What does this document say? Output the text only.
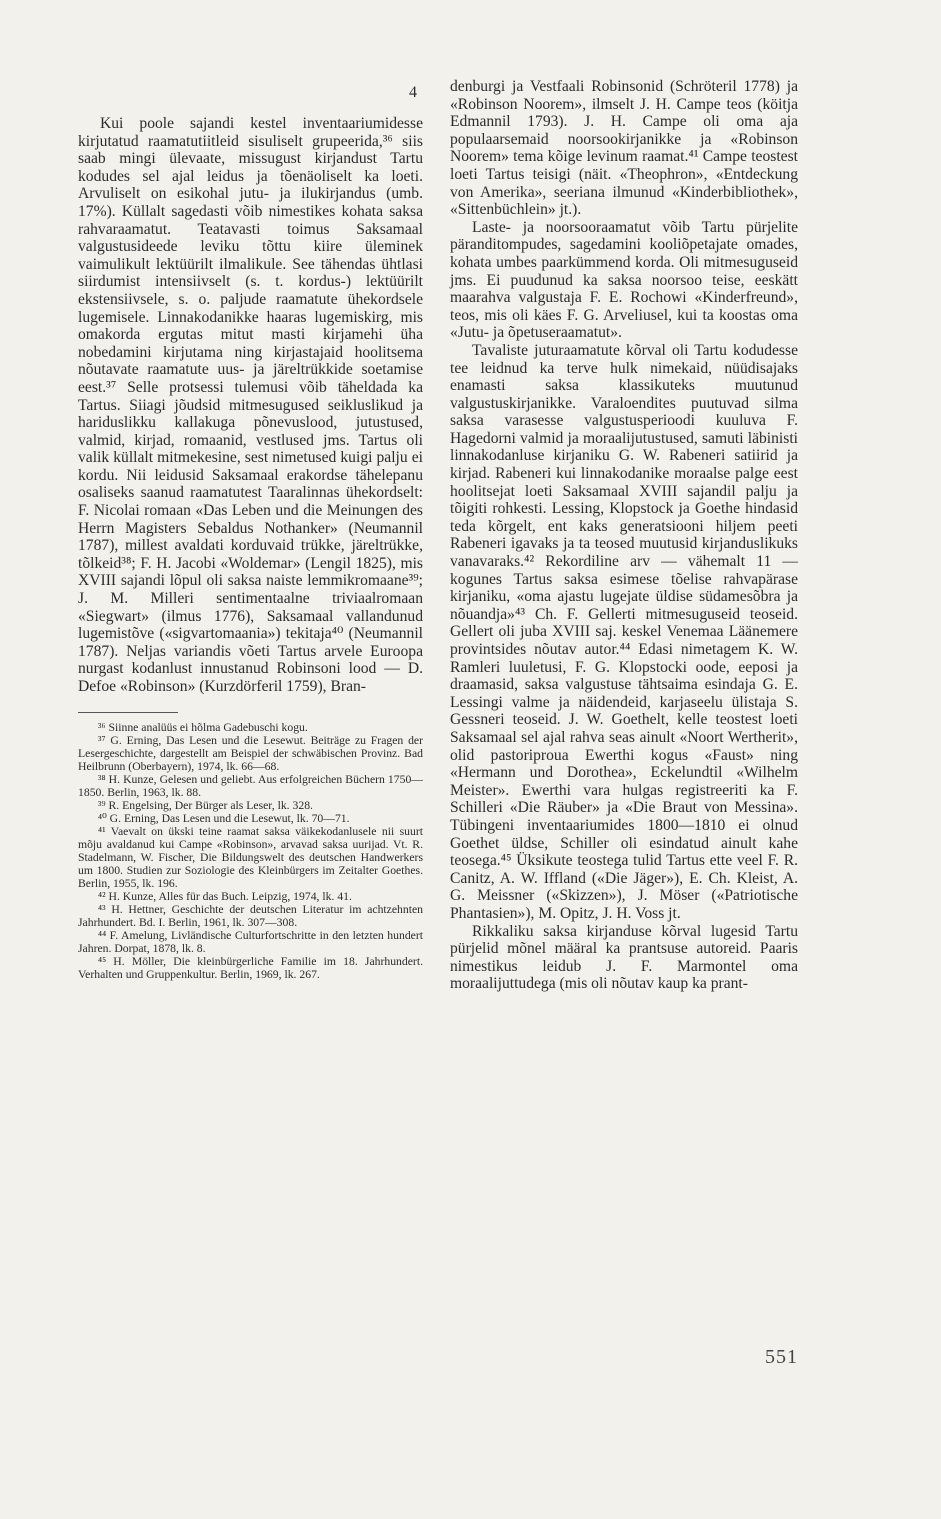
4

Kui poole sajandi kestel inventaariumidesse kirjutatud raamatutiitleid sisuliselt grupeerida,³⁶ siis saab mingi ülevaate, missugust kirjandust Tartu kodudes sel ajal leidus ja tõenäoliselt ka loeti. Arvuliselt on esikohal jutu- ja ilukirjandus (umb. 17%). Küllalt sagedasti võib nimestikes kohata saksa rahvaraamatut. Teatavasti toimus Saksamaal valgustusideede leviku tõttu kiire üleminek vaimulikult lektüürilt ilmalikule. See tähendas ühtlasi siirdumist intensiivselt (s. t. kordus-) lektüürilt ekstensiivsele, s. o. paljude raamatute ühekordsele lugemisele. Linnakodanikke haaras lugemiskirg, mis omakorda ergutas mitut masti kirjamehi üha nobedamini kirjutama ning kirjastajaid hoolitsema nõutavate raamatute uus- ja järeltrükkide soetamise eest.³⁷ Selle protsessi tulemusi võib täheldada ka Tartus. Siiagi jõudsid mitmesugused seikluslikud ja hariduslikku kallakuga põnevuslood, jutustused, valmid, kirjad, romaanid, vestlused jms. Tartus oli valik küllalt mitmekesine, sest nimetused kuigi palju ei kordu. Nii leidusid Saksamaal erakordse tähelepanu osaliseks saanud raamatutest Taaralinnas ühekordselt: F. Nicolai romaan «Das Leben und die Meinungen des Herrn Magisters Sebaldus Nothanker» (Neumannil 1787), millest avaldati korduvaid trükke, järeltrükke, tõlkeid³⁸; F. H. Jacobi «Woldemar» (Lengil 1825), mis XVIII sajandi lõpul oli saksa naiste lemmikromaane³⁹; J. M. Milleri sentimentaalne triviaalromaan «Siegwart» (ilmus 1776), Saksamaal vallandunud lugemistõve («sigvartomaania») tekitaja⁴⁰ (Neumannil 1787). Neljas variandis võeti Tartus arvele Euroopa nurgast kodanlust innustanud Robinsoni lood — D. Defoe «Robinson» (Kurzdörferil 1759), Bran-

³⁶ Siinne analüüs ei hõlma Gadebuschi kogu.

³⁷ G. Erning, Das Lesen und die Lesewut. Beiträge zu Fragen der Lesergeschichte, dargestellt am Beispiel der schwäbischen Provinz. Bad Heilbrunn (Oberbayern), 1974, lk. 66—68.

³⁸ H. Kunze, Gelesen und geliebt. Aus erfolgreichen Büchern 1750—1850. Berlin, 1963, lk. 88.

³⁹ R. Engelsing, Der Bürger als Leser, lk. 328.

⁴⁰ G. Erning, Das Lesen und die Lesewut, lk. 70—71.

⁴¹ Vaevalt on ükski teine raamat saksa väikekodanlusele nii suurt mõju avaldanud kui Campe «Robinson», arvavad saksa uurijad. Vt. R. Stadelmann, W. Fischer, Die Bildungswelt des deutschen Handwerkers um 1800. Studien zur Soziologie des Kleinbürgers im Zeitalter Goethes. Berlin, 1955, lk. 196.

⁴² H. Kunze, Alles für das Buch. Leipzig, 1974, lk. 41.

⁴³ H. Hettner, Geschichte der deutschen Literatur im achtzehnten Jahrhundert. Bd. I. Berlin, 1961, lk. 307—308.

⁴⁴ F. Amelung, Livländische Culturfortschritte in den letzten hundert Jahren. Dorpat, 1878, lk. 8.

⁴⁵ H. Möller, Die kleinbürgerliche Familie im 18. Jahrhundert. Verhalten und Gruppenkultur. Berlin, 1969, lk. 267.

denburgi ja Vestfaali Robinsonid (Schröteril 1778) ja «Robinson Noorem», ilmselt J. H. Campe teos (köitja Edmannil 1793). J. H. Campe oli oma aja populaarsemaid noorsookirjanikke ja «Robinson Noorem» tema kõige levinum raamat.⁴¹ Campe teostest loeti Tartus teisigi (näit. «Theophron», «Entdeckung von Amerika», seeriana ilmunud «Kinderbibliothek», «Sittenbüchlein» jt.).

Laste- ja noorsooraamatut võib Tartu pürjelite päranditompudes, sagedamini kooliõpetajate omades, kohata umbes paarkümmend korda. Oli mitmesuguseid jms. Ei puudunud ka saksa noorsoo teise, eeskätt maarahva valgustaja F. E. Rochowi «Kinderfreund», teos, mis oli käes F. G. Arveliusel, kui ta koostas oma «Jutu- ja õpetuseraamatut».

Tavaliste juturaamatute kõrval oli Tartu kodudesse tee leidnud ka terve hulk nimekaid, nüüdisajaks enamasti saksa klassikuteks muutunud valgustuskirjanikke. Varaloendites puutuvad silma saksa varasesse valgustusperioodi kuuluva F. Hagedorni valmid ja moraalijutustused, samuti läbinisti linnakodanluse kirjaniku G. W. Rabeneri satiirid ja kirjad. Rabeneri kui linnakodanike moraalse palge eest hoolitsejat loeti Saksamaal XVIII sajandil palju ja tõigiti rohkesti. Lessing, Klopstock ja Goethe hindasid teda kõrgelt, ent kaks generatsiooni hiljem peeti Rabeneri igavaks ja ta teosed muutusid kirjanduslikuks vanavaraks.⁴² Rekordiline arv — vähemalt 11 — kogunes Tartus saksa esimese tõelise rahvapärase kirjaniku, «oma ajastu lugejate üldise südamesõbra ja nõuandja»⁴³ Ch. F. Gellerti mitmesuguseid teoseid. Gellert oli juba XVIII saj. keskel Venemaa Läänemere provintsides nõutav autor.⁴⁴ Edasi nimetagem K. W. Ramleri luuletusi, F. G. Klopstocki oode, eeposi ja draamasid, saksa valgustuse tähtsaima esindaja G. E. Lessingi valme ja näidendeid, karjaseelu ülistaja S. Gessneri teoseid. J. W. Goethelt, kelle teostest loeti Saksamaal sel ajal rahva seas ainult «Noort Wertherit», olid pastoriproua Ewerthi kogus «Faust» ning «Hermann und Dorothea», Eckelundtil «Wilhelm Meister». Ewerthi vara hulgas registreeriti ka F. Schilleri «Die Räuber» ja «Die Braut von Messina». Tübingeni inventaariumides 1800—1810 ei olnud Goethet üldse, Schiller oli esindatud ainult kahe teosega.⁴⁵ Üksikute teostega tulid Tartus ette veel F. R. Canitz, A. W. Iffland («Die Jäger»), E. Ch. Kleist, A. G. Meissner («Skizzen»), J. Möser («Patriotische Phantasien»), M. Opitz, J. H. Voss jt.

Rikkaliku saksa kirjanduse kõrval lugesid Tartu pürjelid mõnel määral ka prantsuse autoreid. Paaris nimestikus leidub J. F. Marmontel oma moraalijuttudega (mis oli nõutav kaup ka prant-

551
